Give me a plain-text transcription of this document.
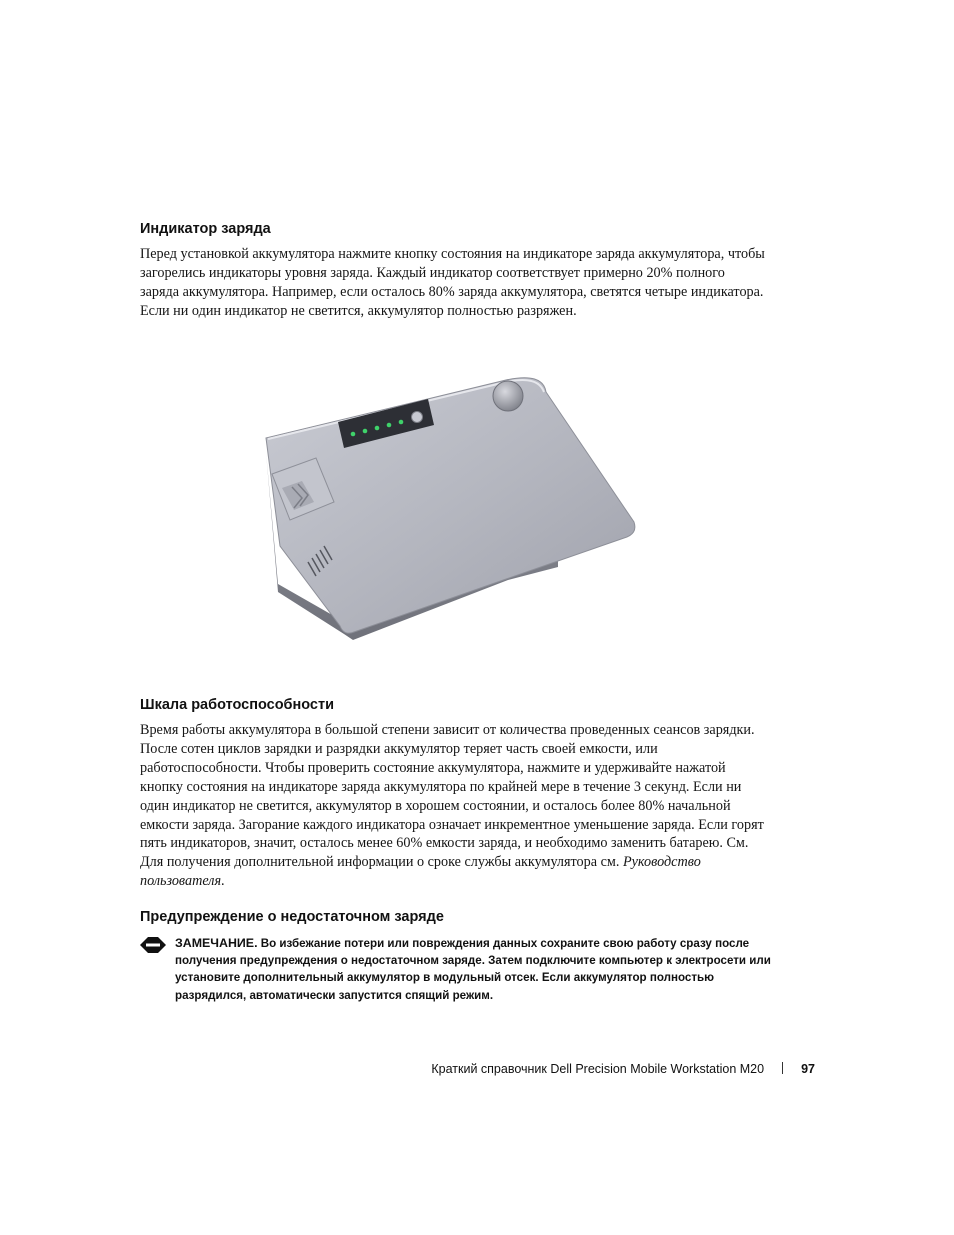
Индикатор заряда

Перед установкой аккумулятора нажмите кнопку состояния на индикаторе заряда аккумулятора, чтобы загорелись индикаторы уровня заряда. Каждый индикатор соответствует примерно 20% полного заряда аккумулятора. Например, если осталось 80% заряда аккумулятора, светятся четыре индикатора. Если ни один индикатор не светится, аккумулятор полностью разряжен.

Шкала работоспособности

Время работы аккумулятора в большой степени зависит от количества проведенных сеансов зарядки. После сотен циклов зарядки и разрядки аккумулятор теряет часть своей емкости, или работоспособности. Чтобы проверить состояние аккумулятора, нажмите и удерживайте нажатой кнопку состояния на индикаторе заряда аккумулятора по крайней мере в течение 3 секунд. Если ни один индикатор не светится, аккумулятор в хорошем состоянии, и осталось более 80% начальной емкости заряда. Загорание каждого индикатора означает инкрементное уменьшение заряда. Если горят пять индикаторов, значит, осталось менее 60% емкости заряда, и необходимо заменить батарею. См. Для получения дополнительной информации о сроке службы аккумулятора см. Руководство пользователя.

Предупреждение о недостаточном заряде

ЗАМЕЧАНИЕ. Во избежание потери или повреждения данных сохраните свою работу сразу после получения предупреждения о недостаточном заряде. Затем подключите компьютер к электросети или установите дополнительный аккумулятор в модульный отсек. Если аккумулятор полностью разрядился, автоматически запустится спящий режим.

Краткий справочник Dell Precision Mobile Workstation M20	97
